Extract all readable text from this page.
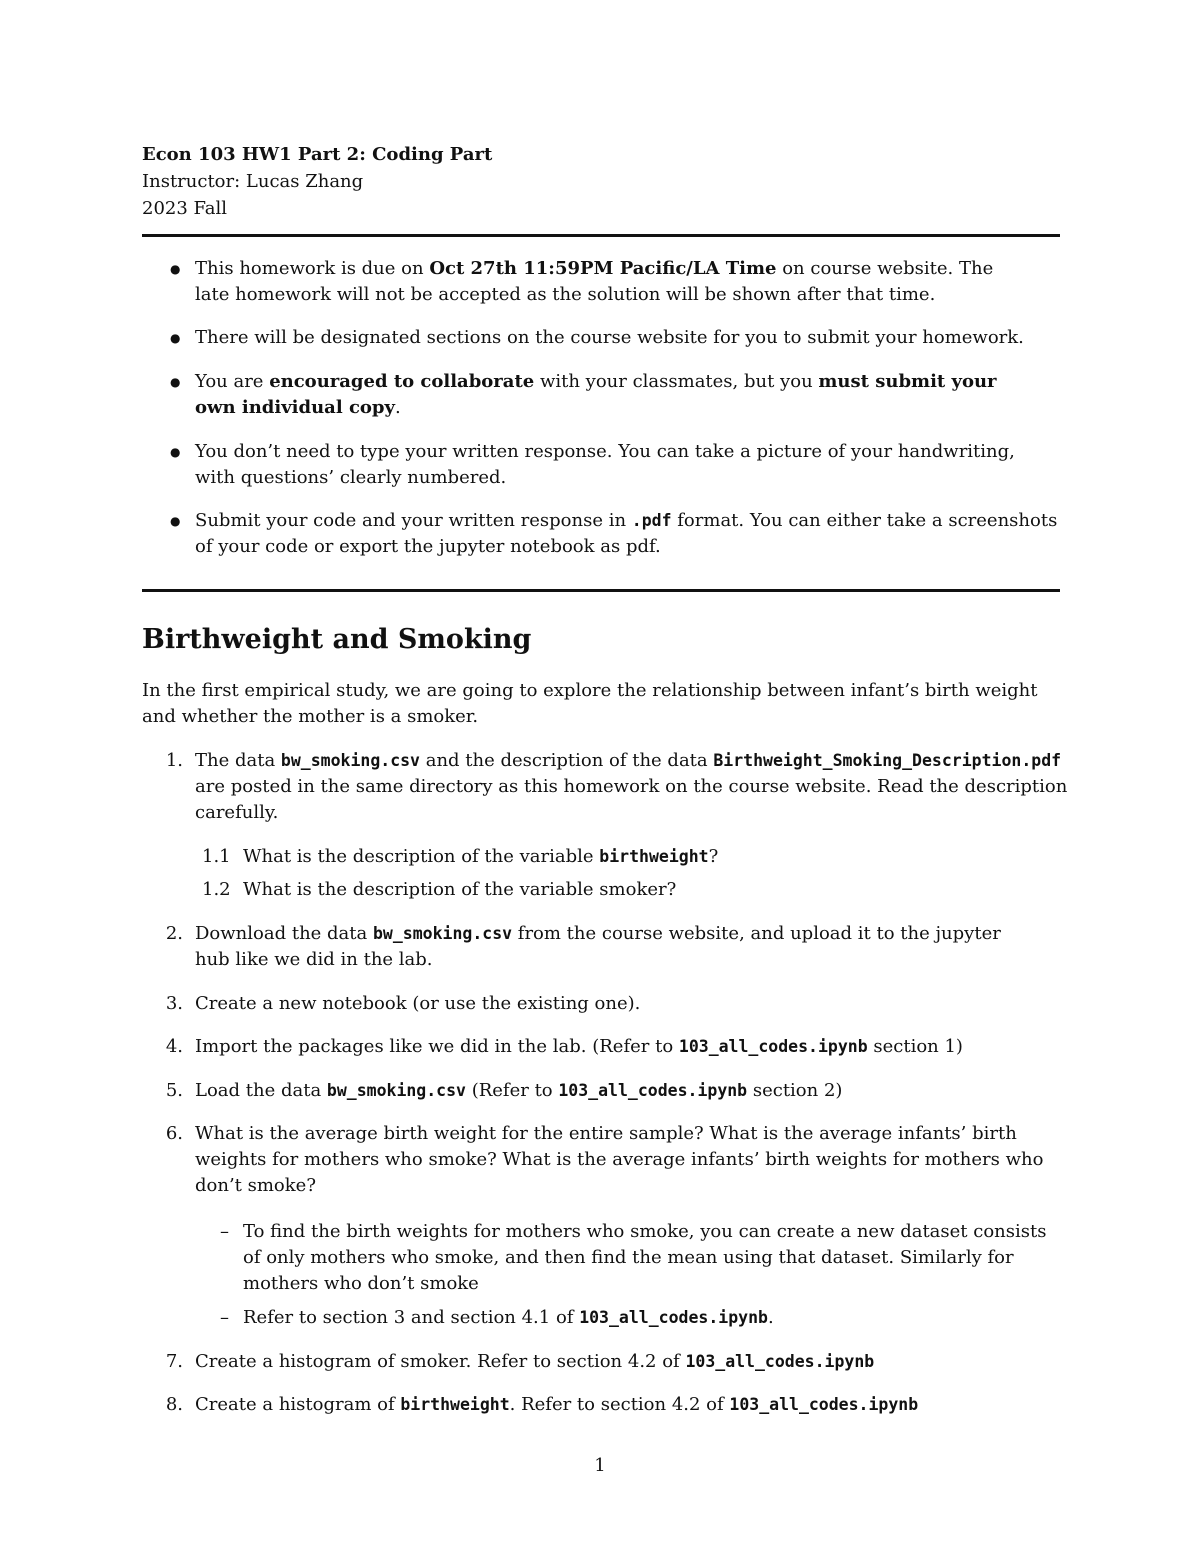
Econ 103 HW1 Part 2: Coding Part
Instructor: Lucas Zhang
2023 Fall
● This homework is due on Oct 27th 11:59PM Pacific/LA Time on course website. The
late homework will not be accepted as the solution will be shown after that time.
● There will be designated sections on the course website for you to submit your homework.
● You are encouraged to collaborate with your classmates, but you must submit your
own individual copy.
● You don’t need to type your written response. You can take a picture of your handwriting,
with questions’ clearly numbered.
● Submit your code and your written response in .pdf format. You can either take a screenshots
of your code or export the jupyter notebook as pdf.
Birthweight and Smoking
In the first empirical study, we are going to explore the relationship between infant’s birth weight
and whether the mother is a smoker.
1. The data bw_smoking.csv and the description of the data Birthweight_Smoking_Description.pdf
are posted in the same directory as this homework on the course website. Read the description
carefully.
1.1 What is the description of the variable birthweight?
1.2 What is the description of the variable smoker?
2. Download the data bw_smoking.csv from the course website, and upload it to the jupyter
hub like we did in the lab.
3. Create a new notebook (or use the existing one).
4. Import the packages like we did in the lab. (Refer to 103_all_codes.ipynb section 1)
5. Load the data bw_smoking.csv (Refer to 103_all_codes.ipynb section 2)
6. What is the average birth weight for the entire sample? What is the average infants’ birth
weights for mothers who smoke? What is the average infants’ birth weights for mothers who
don’t smoke?
– To find the birth weights for mothers who smoke, you can create a new dataset consists
of only mothers who smoke, and then find the mean using that dataset. Similarly for
mothers who don’t smoke
– Refer to section 3 and section 4.1 of 103_all_codes.ipynb.
7. Create a histogram of smoker. Refer to section 4.2 of 103_all_codes.ipynb
8. Create a histogram of birthweight. Refer to section 4.2 of 103_all_codes.ipynb
1
